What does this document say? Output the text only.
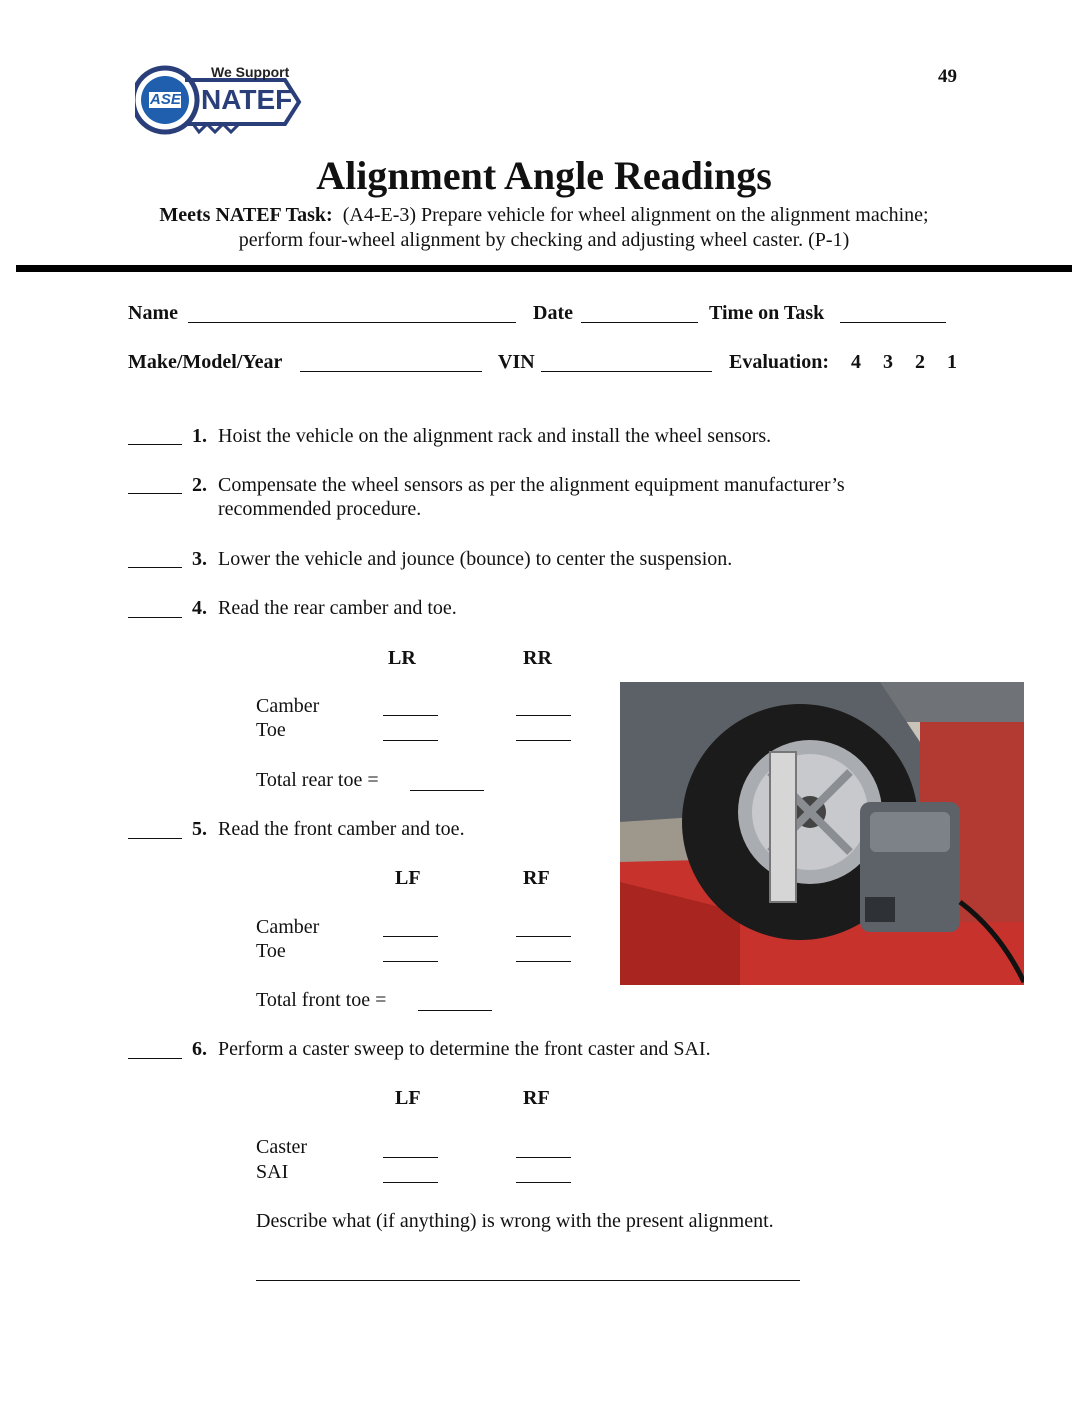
We Support
ASE NATEF
49
Alignment Angle Readings
Meets NATEF Task: (A4-E-3) Prepare vehicle for wheel alignment on the alignment machine;
perform four-wheel alignment by checking and adjusting wheel caster. (P-1)
Name	Date	Time on Task
Make/Model/Year	VIN	Evaluation: 4 3 2 1
1. Hoist the vehicle on the alignment rack and install the wheel sensors.
2. Compensate the wheel sensors as per the alignment equipment manufacturer’s
recommended procedure.
3. Lower the vehicle and jounce (bounce) to center the suspension.
4. Read the rear camber and toe.
LR	RR
Camber
Toe
Total rear toe =
5. Read the front camber and toe.
LF	RF
Camber
Toe
Total front toe =
6. Perform a caster sweep to determine the front caster and SAI.
LF	RF
Caster
SAI
Describe what (if anything) is wrong with the present alignment.
